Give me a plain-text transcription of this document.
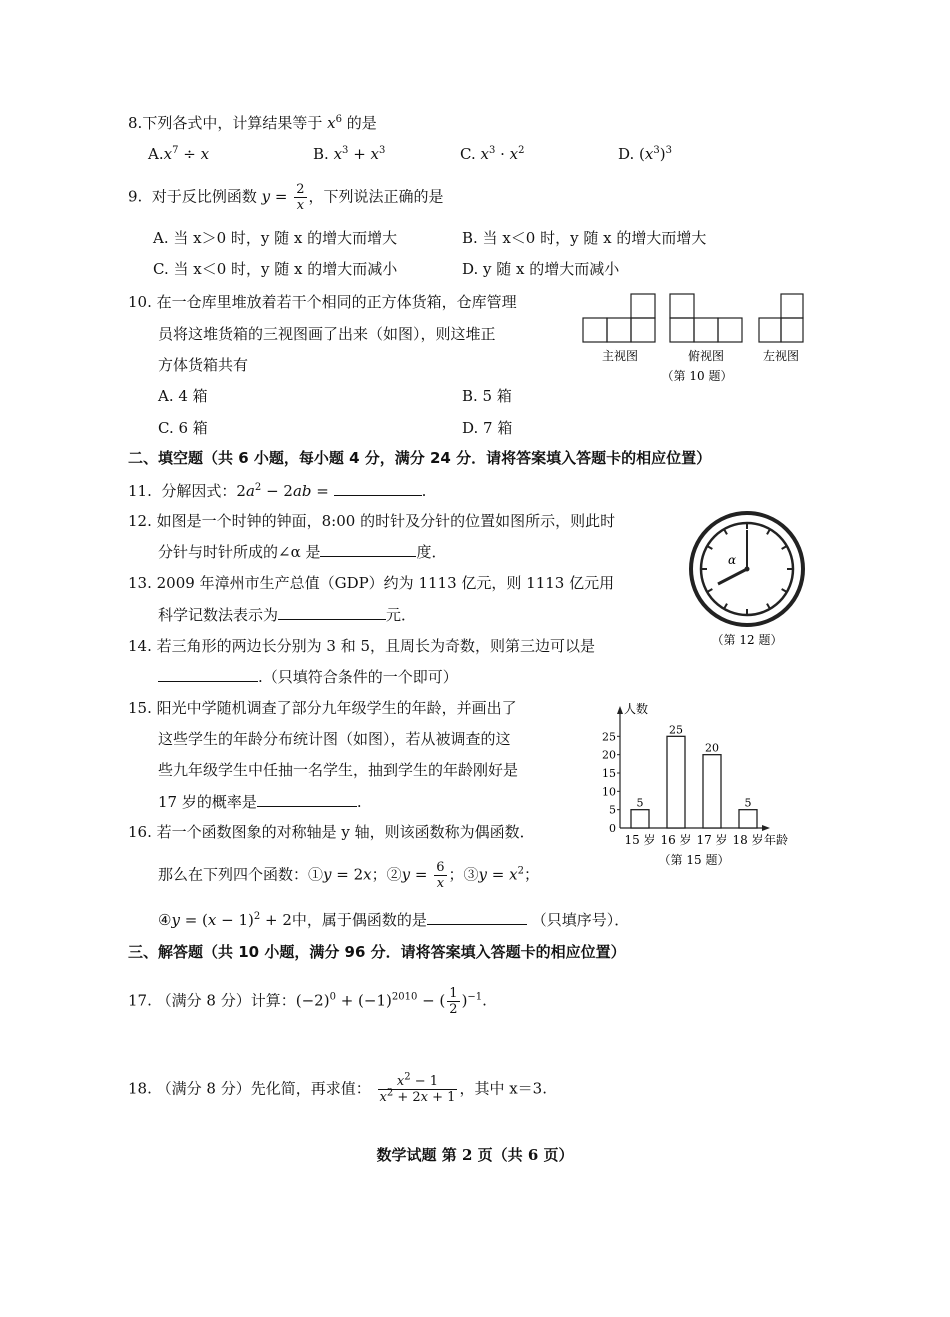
8.下列各式中，计算结果等于 $x^6$ 的是
$A.x^7 \div x$	B. $x^3 + x^3$	C. $x^3 \cdot x^2$	D. $(x^3)^3$
9. 对于反比例函数 $y = \frac{2}{x}$ ，下列说法正确的是
A. 当 x＞0 时，y 随 x 的增大而增大	B. 当 x＜0 时，y 随 x 的增大而增大
C. 当 x＜0 时，y 随 x 的增大而减小	D. y 随 x 的增大而减小
10. 在一仓库里堆放着若干个相同的正方体货箱，仓库管理
员将这堆货箱的三视图画了出来（如图），则这堆正
方体货箱共有
A. 4 箱	B. 5 箱
C. 6 箱	D. 7 箱
主视图	俯视图	左视图
（第 10 题）
二、填空题（共 6 小题，每小题 4 分，满分 24 分．请将答案填入答题卡的相应位置）
11. 分解因式：$2a^2 - 2ab$ =	.
12. 如图是一个时钟的钟面，8:00 的时针及分针的位置如图所示，则此时
分针与时针所成的∠α 是	度．	α
（第 12 题）
13. 2009 年漳州市生产总值（GDP）约为 1113 亿元，则 1113 亿元用
科学记数法表示为	元．
14. 若三角形的两边长分别为 3 和 5，且周长为奇数，则第三边可以是
.（只填符合条件的一个即可）
15. 阳光中学随机调查了部分九年级学生的年龄，并画出了
这些学生的年龄分布统计图（如图），若从被调查的这
些九年级学生中任抽一名学生，抽到学生的年龄刚好是
17 岁的概率是	.
人数
年龄
0
5
10
15
20
25
5
15 岁
25
16 岁
20
17 岁
5
18 岁
（第 15 题）
16. 若一个函数图象的对称轴是 y 轴，则该函数称为偶函数．
那么在下列四个函数：①y = 2x；②y = $\frac{6}{x}$ ；③y = $x^2$；
④y = $(x - 1)^2 + 2$中，属于偶函数的是	（只填序号）．
三、解答题（共 10 小题，满分 96 分．请将答案填入答题卡的相应位置）
17. （满分 8 分）计算：$(-2)^0 + (-1)^{2010}$ − ( $\frac{1}{2} )^{-1}$.
18. （满分 8 分）先化简，再求值： $\frac{x^2 - 1}{x^2 + 2x + 1}$ ，其中 x＝3.
数学试题 第 2 页（共 6 页）
